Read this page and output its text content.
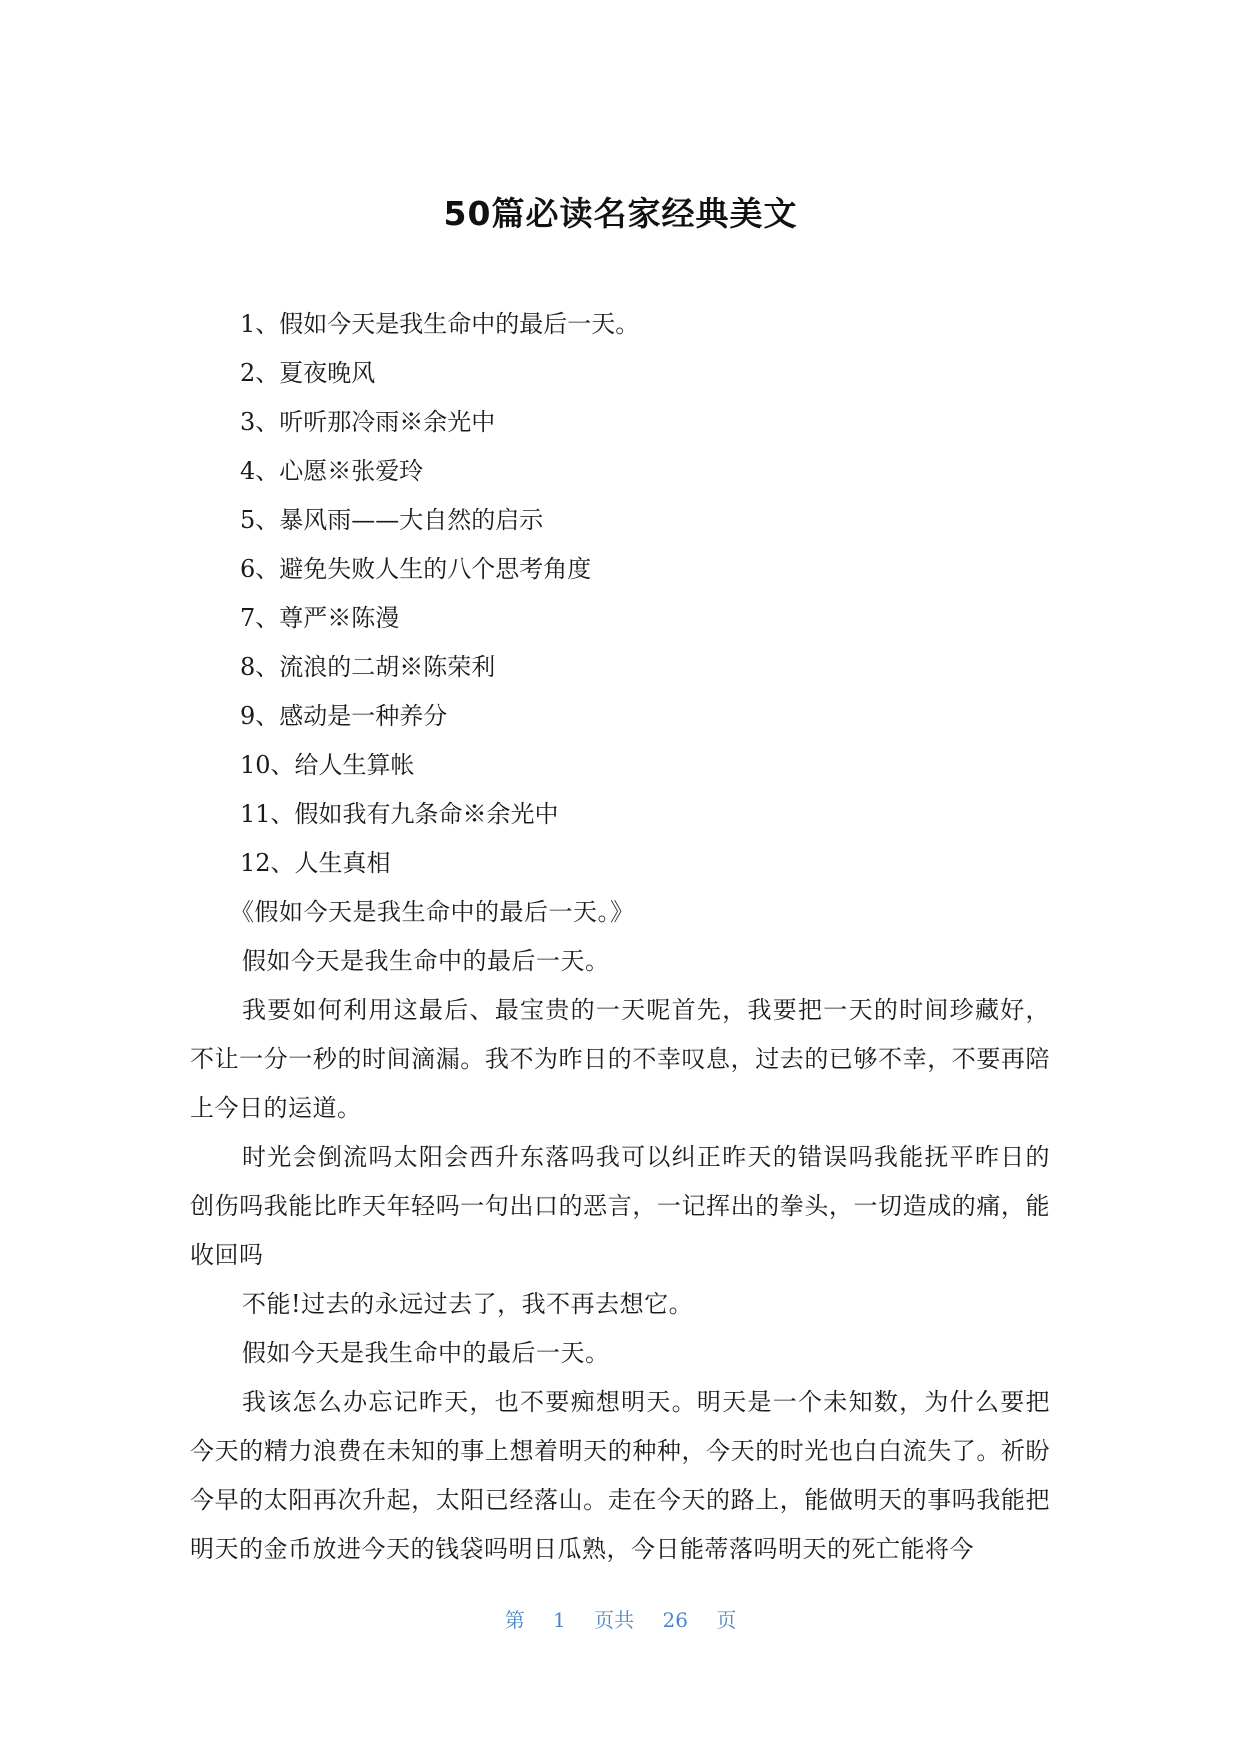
50篇必读名家经典美文
1、假如今天是我生命中的最后一天。
2、夏夜晚风
3、听听那冷雨※余光中
4、心愿※张爱玲
5、暴风雨——大自然的启示
6、避免失败人生的八个思考角度
7、尊严※陈漫
8、流浪的二胡※陈荣利
9、感动是一种养分
10、给人生算帐
11、假如我有九条命※余光中
12、人生真相

《假如今天是我生命中的最后一天。》

假如今天是我生命中的最后一天。

我要如何利用这最后、最宝贵的一天呢首先，我要把一天的时间珍藏好，不让一分一秒的时间滴漏。我不为昨日的不幸叹息，过去的已够不幸，不要再陪上今日的运道。

时光会倒流吗太阳会西升东落吗我可以纠正昨天的错误吗我能抚平昨日的创伤吗我能比昨天年轻吗一句出口的恶言，一记挥出的拳头，一切造成的痛，能收回吗

不能!过去的永远过去了，我不再去想它。

假如今天是我生命中的最后一天。

我该怎么办忘记昨天，也不要痴想明天。明天是一个未知数，为什么要把今天的精力浪费在未知的事上想着明天的种种，今天的时光也白白流失了。祈盼今早的太阳再次升起，太阳已经落山。走在今天的路上，能做明天的事吗我能把明天的金币放进今天的钱袋吗明日瓜熟，今日能蒂落吗明天的死亡能将今

第 1 页共 26 页
